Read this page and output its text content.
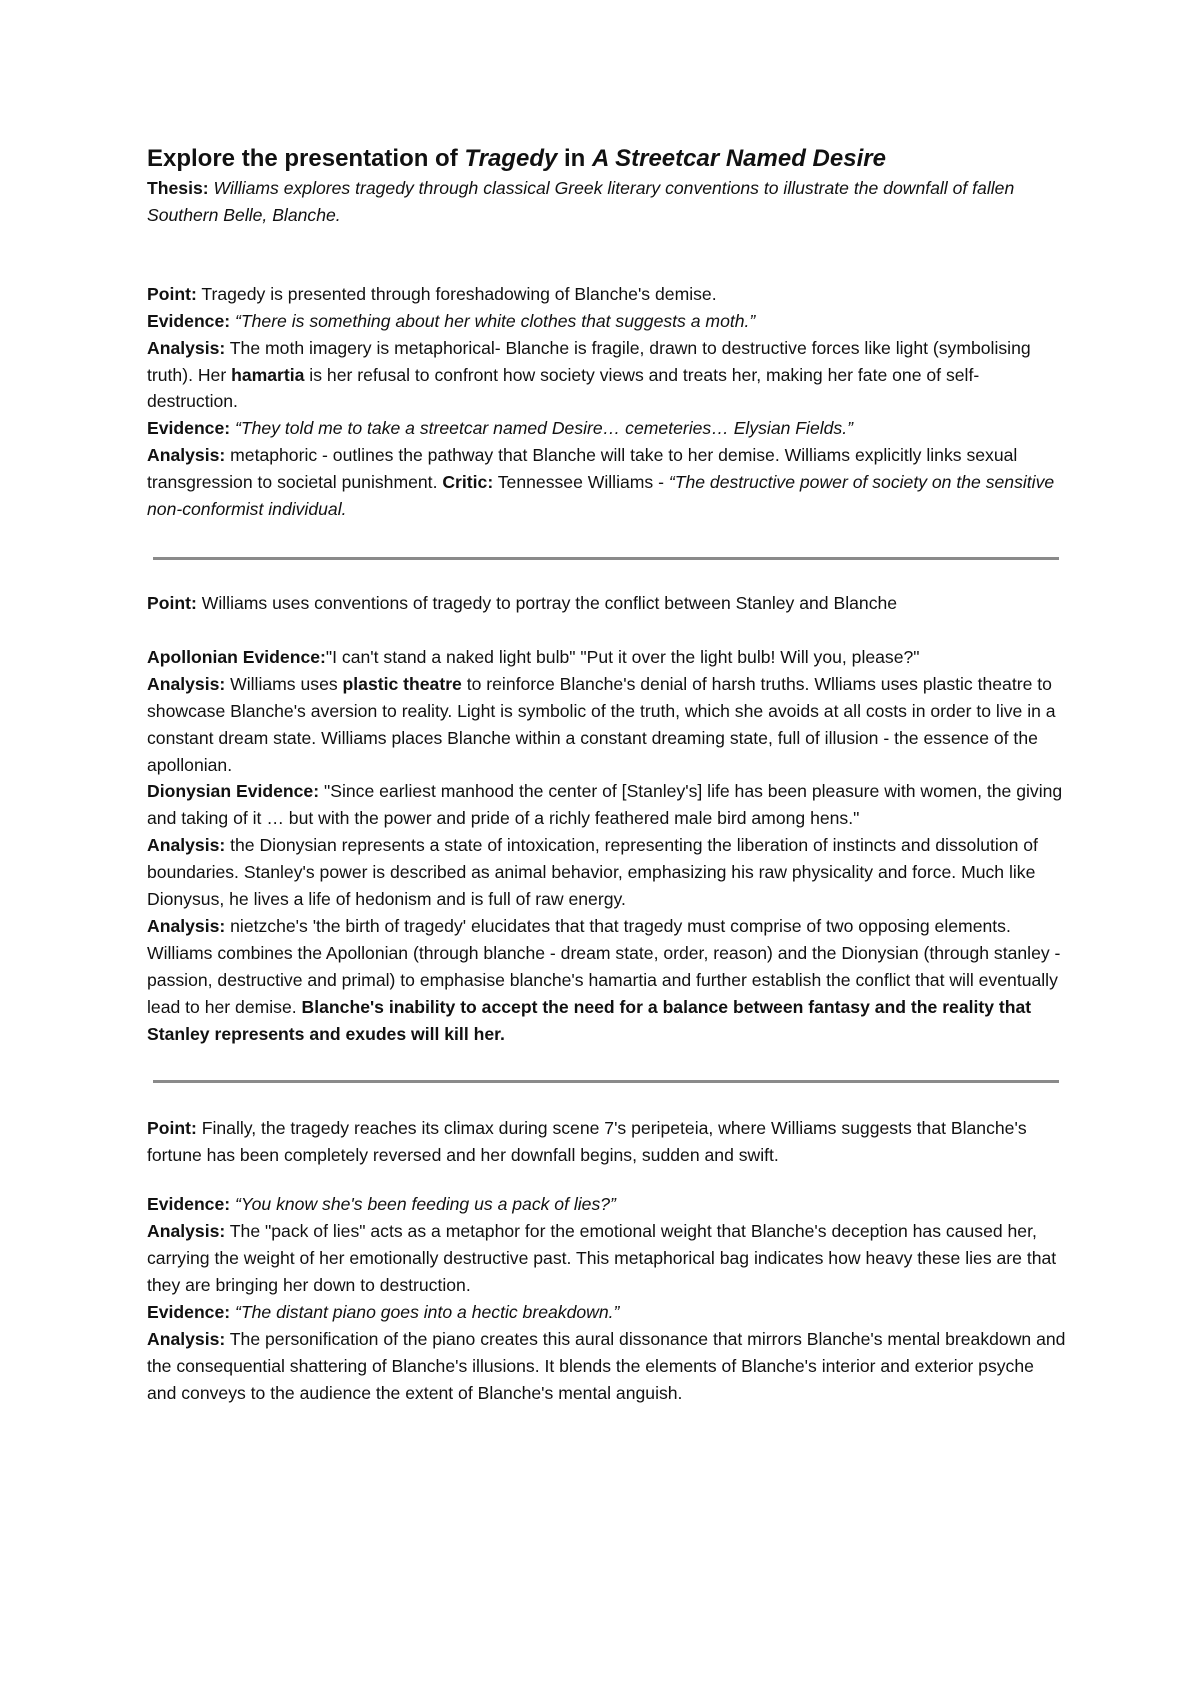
Explore the presentation of Tragedy in A Streetcar Named Desire

Thesis: Williams explores tragedy through classical Greek literary conventions to illustrate the downfall of fallen Southern Belle, Blanche.

Point: Tragedy is presented through foreshadowing of Blanche's demise.

Evidence: “There is something about her white clothes that suggests a moth.”

Analysis: The moth imagery is metaphorical- Blanche is fragile, drawn to destructive forces like light (symbolising truth). Her hamartia is her refusal to confront how society views and treats her, making her fate one of self-destruction.

Evidence: “They told me to take a streetcar named Desire… cemeteries… Elysian Fields.”

Analysis: metaphoric - outlines the pathway that Blanche will take to her demise. Williams explicitly links sexual transgression to societal punishment. Critic: Tennessee Williams - “The destructive power of society on the sensitive non-conformist individual.

Point: Williams uses conventions of tragedy to portray the conflict between Stanley and Blanche

Apollonian Evidence:"I can't stand a naked light bulb" "Put it over the light bulb! Will you, please?"

Analysis: Williams uses plastic theatre to reinforce Blanche's denial of harsh truths. Wlliams uses plastic theatre to showcase Blanche's aversion to reality. Light is symbolic of the truth, which she avoids at all costs in order to live in a constant dream state. Williams places Blanche within a constant dreaming state, full of illusion - the essence of the apollonian.

Dionysian Evidence: "Since earliest manhood the center of [Stanley's] life has been pleasure with women, the giving and taking of it … but with the power and pride of a richly feathered male bird among hens."

Analysis: the Dionysian represents a state of intoxication, representing the liberation of instincts and dissolution of boundaries. Stanley's power is described as animal behavior, emphasizing his raw physicality and force. Much like Dionysus, he lives a life of hedonism and is full of raw energy.

Analysis: nietzche's 'the birth of tragedy' elucidates that that tragedy must comprise of two opposing elements. Williams combines the Apollonian (through blanche - dream state, order, reason) and the Dionysian (through stanley - passion, destructive and primal) to emphasise blanche's hamartia and further establish the conflict that will eventually lead to her demise. Blanche's inability to accept the need for a balance between fantasy and the reality that Stanley represents and exudes will kill her.

Point: Finally, the tragedy reaches its climax during scene 7's peripeteia, where Williams suggests that Blanche's fortune has been completely reversed and her downfall begins, sudden and swift.

Evidence: “You know she's been feeding us a pack of lies?”

Analysis: The "pack of lies" acts as a metaphor for the emotional weight that Blanche's deception has caused her, carrying the weight of her emotionally destructive past. This metaphorical bag indicates how heavy these lies are that they are bringing her down to destruction.

Evidence: “The distant piano goes into a hectic breakdown.”

Analysis: The personification of the piano creates this aural dissonance that mirrors Blanche's mental breakdown and the consequential shattering of Blanche's illusions. It blends the elements of Blanche's interior and exterior psyche and conveys to the audience the extent of Blanche's mental anguish.
